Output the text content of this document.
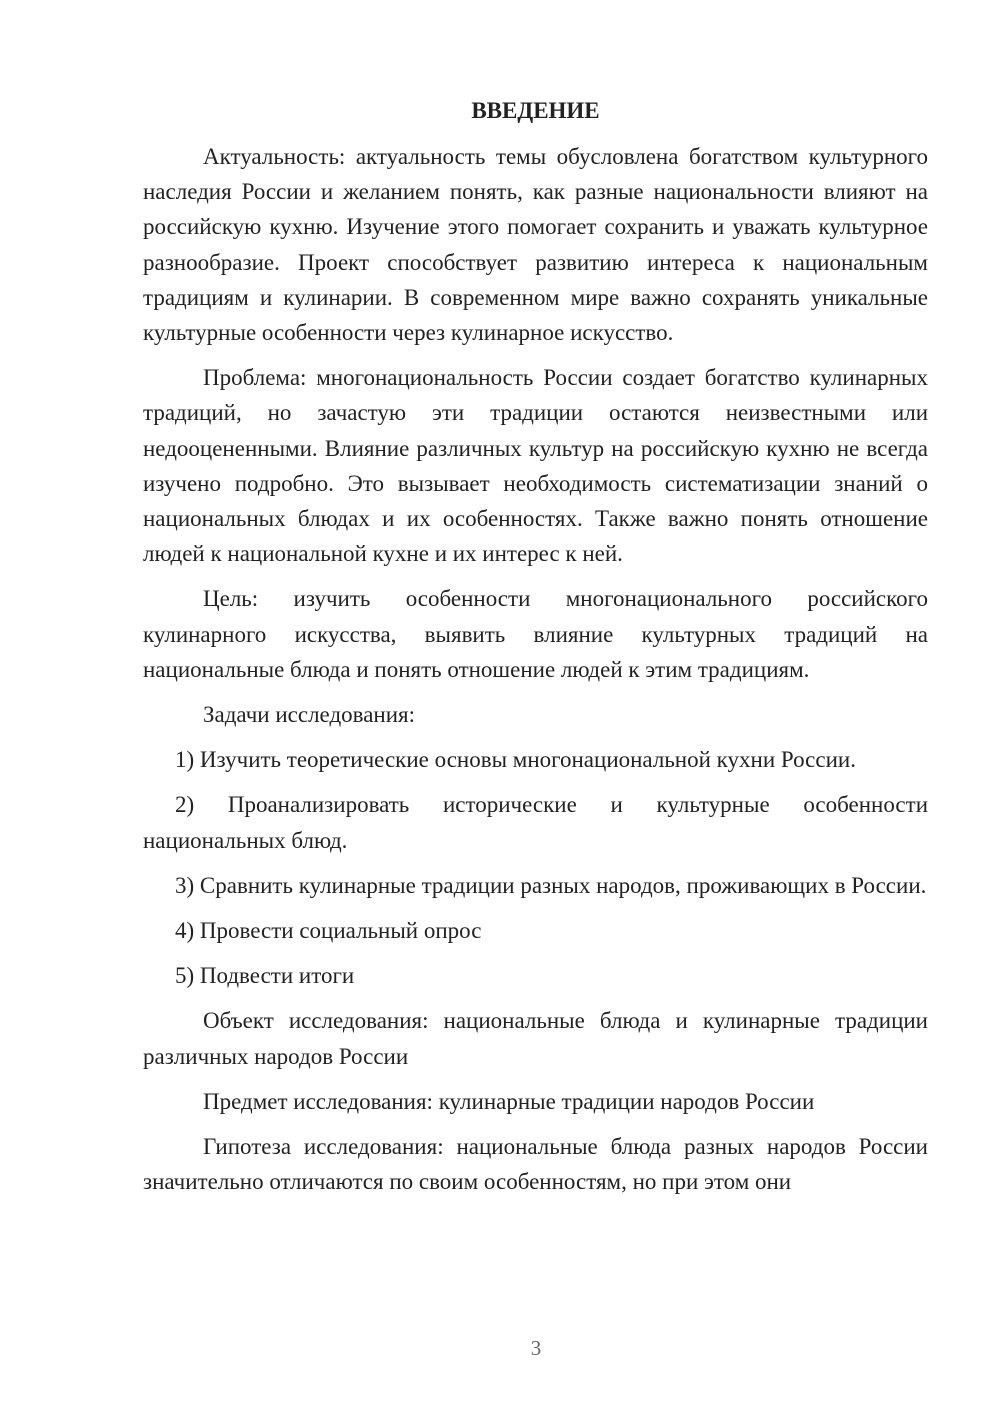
ВВЕДЕНИЕ

Актуальность: актуальность темы обусловлена богатством культурного наследия России и желанием понять, как разные национальности влияют на российскую кухню. Изучение этого помогает сохранить и уважать культурное разнообразие. Проект способствует развитию интереса к национальным традициям и кулинарии. В современном мире важно сохранять уникальные культурные особенности через кулинарное искусство.

Проблема: многонациональность России создает богатство кулинарных традиций, но зачастую эти традиции остаются неизвестными или недооцененными. Влияние различных культур на российскую кухню не всегда изучено подробно. Это вызывает необходимость систематизации знаний о национальных блюдах и их особенностях. Также важно понять отношение людей к национальной кухне и их интерес к ней.

Цель: изучить особенности многонационального российского кулинарного искусства, выявить влияние культурных традиций на национальные блюда и понять отношение людей к этим традициям.

Задачи исследования:

1) Изучить теоретические основы многонациональной кухни России.

2) Проанализировать исторические и культурные особенности национальных блюд.

3) Сравнить кулинарные традиции разных народов, проживающих в России.

4) Провести социальный опрос

5) Подвести итоги

Объект исследования: национальные блюда и кулинарные традиции различных народов России

Предмет исследования: кулинарные традиции народов России

Гипотеза исследования: национальные блюда разных народов России значительно отличаются по своим особенностям, но при этом они

3
